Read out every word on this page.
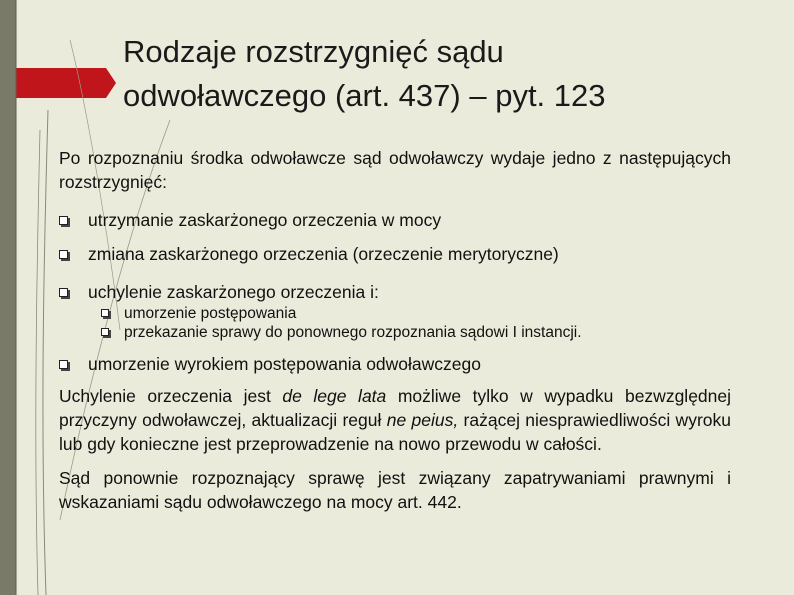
Rodzaje rozstrzygnięć sądu
odwoławczego (art. 437) – pyt. 123
Po rozpoznaniu środka odwoławcze sąd odwoławczy wydaje jedno z następujących rozstrzygnięć:
utrzymanie zaskarżonego orzeczenia w mocy
zmiana zaskarżonego orzeczenia (orzeczenie merytoryczne)
uchylenie zaskarżonego orzeczenia i:
umorzenie postępowania
przekazanie sprawy do ponownego rozpoznania sądowi I instancji.
umorzenie wyrokiem postępowania odwoławczego
Uchylenie orzeczenia jest de lege lata możliwe tylko w wypadku bezwzględnej przyczyny odwoławczej, aktualizacji reguł ne peius, rażącej niesprawiedliwości wyroku lub gdy konieczne jest przeprowadzenie na nowo przewodu w całości.
Sąd ponownie rozpoznający sprawę jest związany zapatrywaniami prawnymi i wskazaniami sądu odwoławczego na mocy art. 442.
